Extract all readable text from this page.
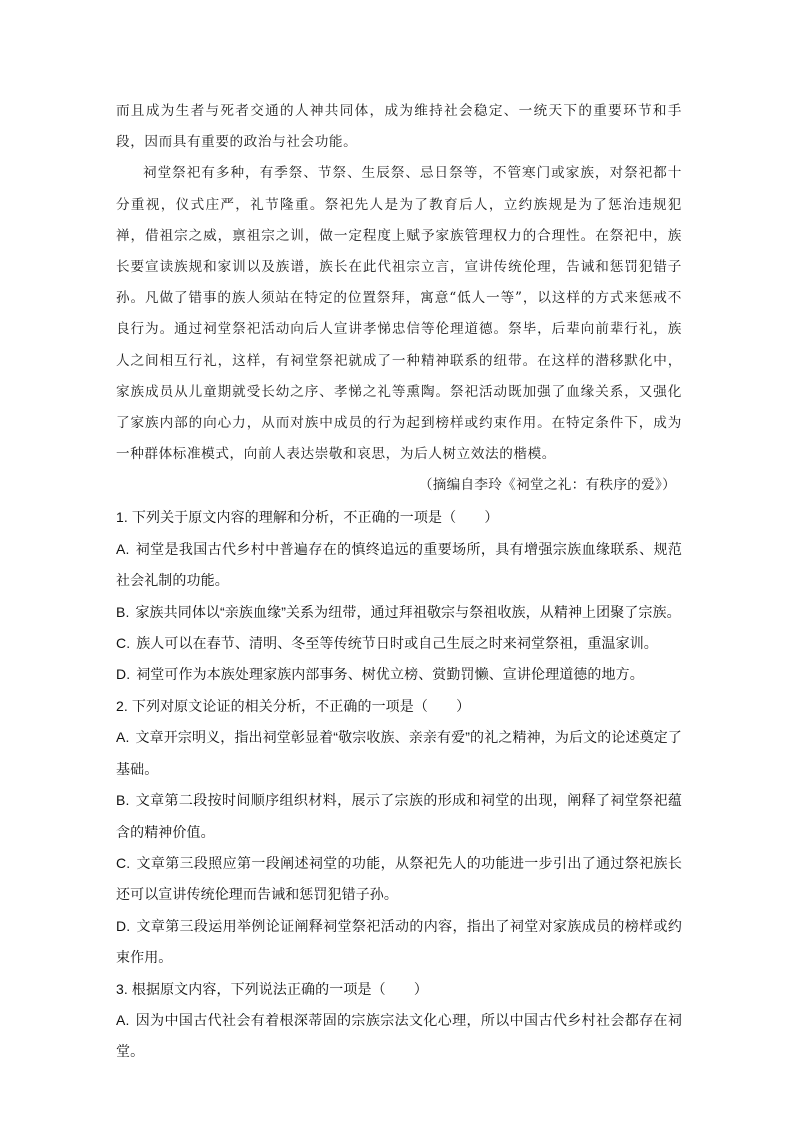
而且成为生者与死者交通的人神共同体，成为维持社会稳定、一统天下的重要环节和手段，因而具有重要的政治与社会功能。

祠堂祭祀有多种，有季祭、节祭、生辰祭、忌日祭等，不管寒门或家族，对祭祀都十分重视，仪式庄严，礼节隆重。祭祀先人是为了教育后人，立约族规是为了惩治违规犯禅，借祖宗之威，禀祖宗之训，做一定程度上赋予家族管理权力的合理性。在祭祀中，族长要宣读族规和家训以及族谱，族长在此代祖宗立言，宣讲传统伦理，告诫和惩罚犯错子孙。凡做了错事的族人须站在特定的位置祭拜，寓意“低人一等”，以这样的方式来惩戒不良行为。通过祠堂祭祀活动向后人宣讲孝悌忠信等伦理道德。祭毕，后辈向前辈行礼，族人之间相互行礼，这样，有祠堂祭祀就成了一种精神联系的纽带。在这样的潜移默化中，家族成员从儿童期就受长幼之序、孝悌之礼等熏陶。祭祀活动既加强了血缘关系，又强化了家族内部的向心力，从而对族中成员的行为起到榜样或约束作用。在特定条件下，成为一种群体标准模式，向前人表达崇敬和哀思，为后人树立效法的楷模。

（摘编自李玲《祠堂之礼：有秩序的爱》）

1. 下列关于原文内容的理解和分析，不正确的一项是（　　）

A. 祠堂是我国古代乡村中普遍存在的慎终追远的重要场所，具有增强宗族血缘联系、规范社会礼制的功能。

B. 家族共同体以“亲族血缘”关系为纽带，通过拜祖敬宗与祭祖收族，从精神上团聚了宗族。

C. 族人可以在春节、清明、冬至等传统节日时或自己生辰之时来祠堂祭祖，重温家训。

D. 祠堂可作为本族处理家族内部事务、树优立榜、赏勤罚懒、宣讲伦理道德的地方。

2. 下列对原文论证的相关分析，不正确的一项是（　　）

A. 文章开宗明义，指出祠堂彰显着“敬宗收族、亲亲有爱”的礼之精神，为后文的论述奠定了基础。

B. 文章第二段按时间顺序组织材料，展示了宗族的形成和祠堂的出现，阐释了祠堂祭祀蕴含的精神价值。

C. 文章第三段照应第一段阐述祠堂的功能，从祭祀先人的功能进一步引出了通过祭祀族长还可以宣讲传统伦理而告诫和惩罚犯错子孙。

D. 文章第三段运用举例论证阐释祠堂祭祀活动的内容，指出了祠堂对家族成员的榜样或约束作用。

3. 根据原文内容，下列说法正确的一项是（　　）

A. 因为中国古代社会有着根深蒂固的宗族宗法文化心理，所以中国古代乡村社会都存在祠堂。
